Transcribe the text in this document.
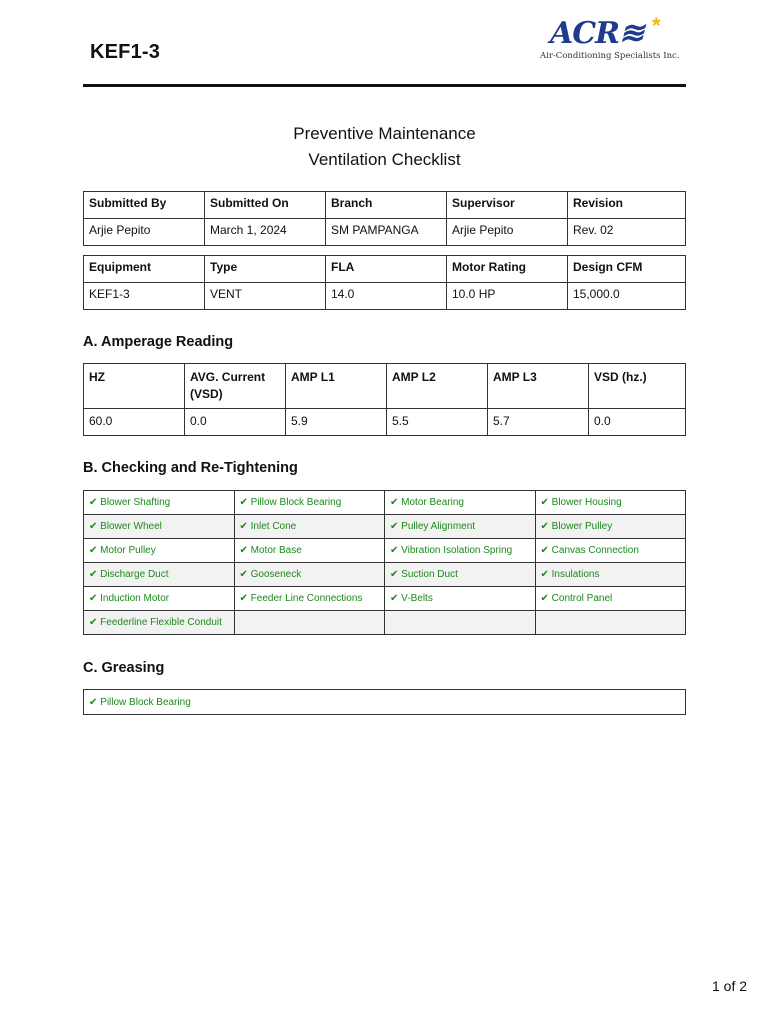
KEF1-3
ACR≋ *
Air-Conditioning Specialists Inc.
Preventive Maintenance
Ventilation Checklist
Submitted By	Submitted On	Branch	Supervisor	Revision
Arjie Pepito	March 1, 2024	SM PAMPANGA	Arjie Pepito	Rev. 02
Equipment	Type	FLA	Motor Rating	Design CFM
KEF1-3	VENT	14.0	10.0 HP	15,000.0
A. Amperage Reading
HZ	AVG. Current (VSD)	AMP L1	AMP L2	AMP L3	VSD (hz.)
60.0	0.0	5.9	5.5	5.7	0.0
B. Checking and Re-Tightening
✔ Blower Shafting	✔ Pillow Block Bearing	✔ Motor Bearing	✔ Blower Housing
✔ Blower Wheel	✔ Inlet Cone	✔ Pulley Alignment	✔ Blower Pulley
✔ Motor Pulley	✔ Motor Base	✔ Vibration Isolation Spring	✔ Canvas Connection
✔ Discharge Duct	✔ Gooseneck	✔ Suction Duct	✔ Insulations
✔ Induction Motor	✔ Feeder Line Connections	✔ V-Belts	✔ Control Panel
✔ Feederline Flexible Conduit			
C. Greasing
✔ Pillow Block Bearing
1 of 2
